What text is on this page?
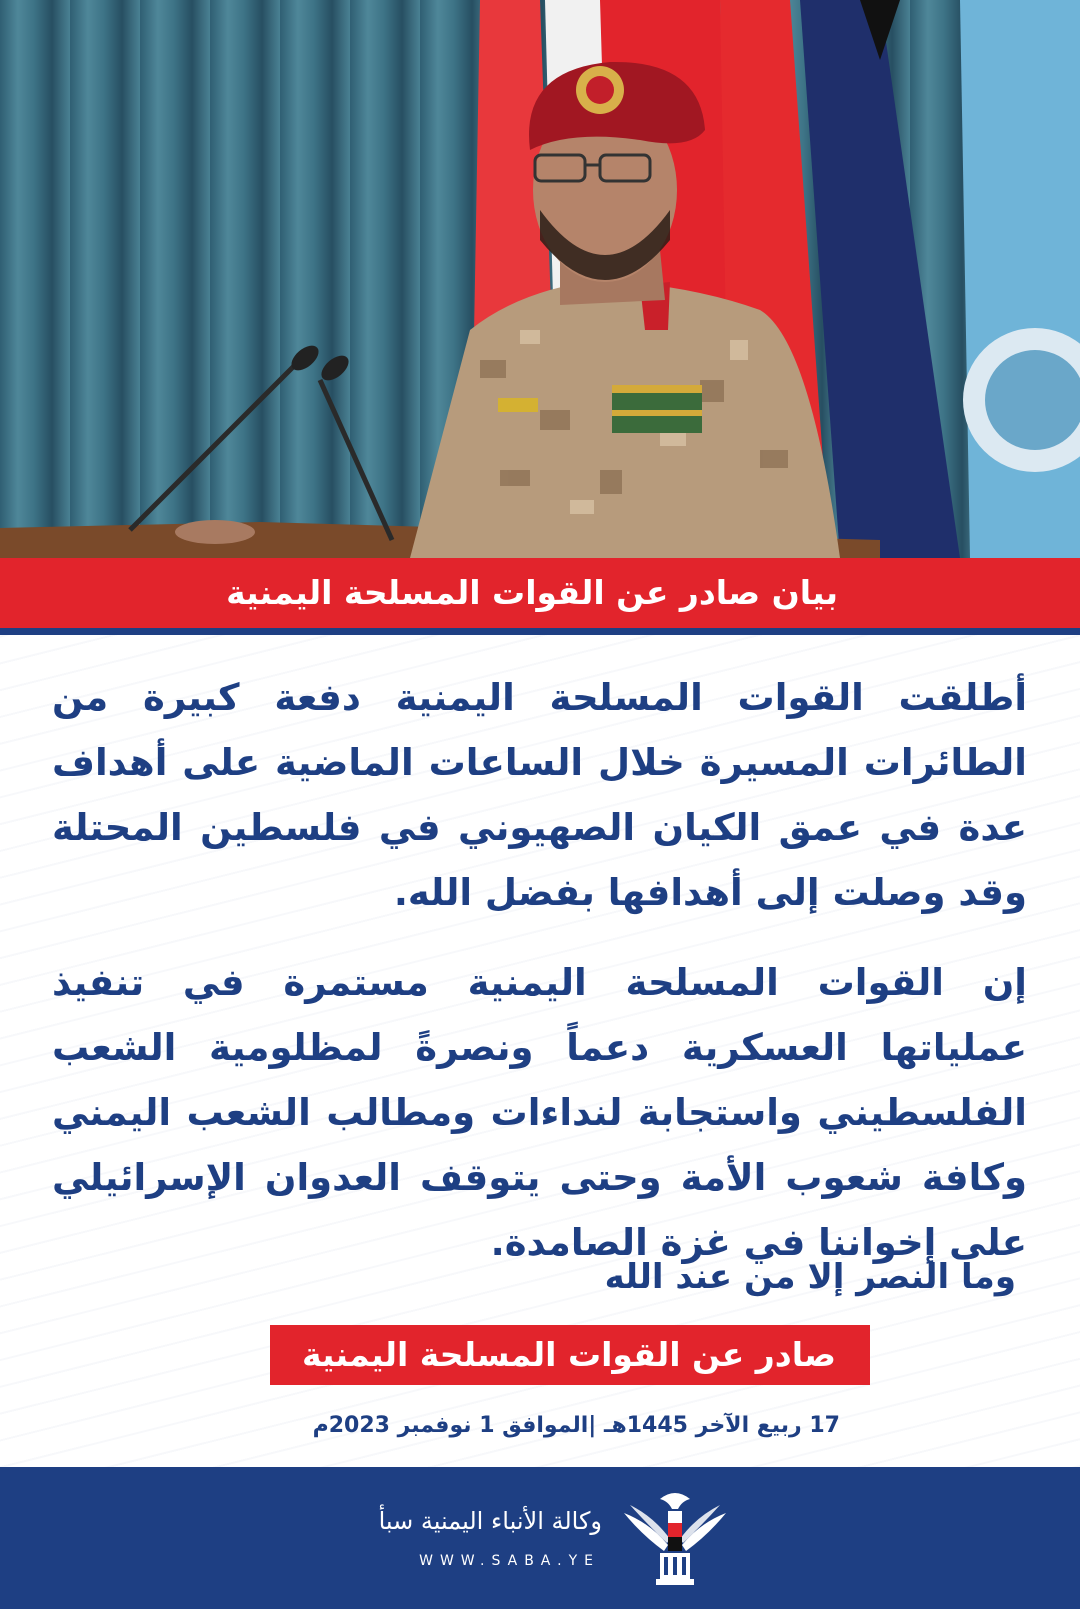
بيان صادر عن القوات المسلحة اليمنية

أطلقت القوات المسلحة اليمنية دفعة كبيرة من الطائرات المسيرة خلال الساعات الماضية على أهداف عدة في عمق الكيان الصهيوني في فلسطين المحتلة وقد وصلت إلى أهدافها بفضل الله.

إن القوات المسلحة اليمنية مستمرة في تنفيذ عملياتها العسكرية دعماً ونصرةً لمظلومية الشعب الفلسطيني واستجابة لنداءات ومطالب الشعب اليمني وكافة شعوب الأمة وحتى يتوقف العدوان الإسرائيلي على إخواننا في غزة الصامدة.

وما النصر إلا من عند الله
صادر عن القوات المسلحة اليمنية
17 ربيع الآخر 1445هـ |الموافق 1 نوفمبر 2023م
وكالة الأنباء اليمنية سبأ
WWW.SABA.YE
